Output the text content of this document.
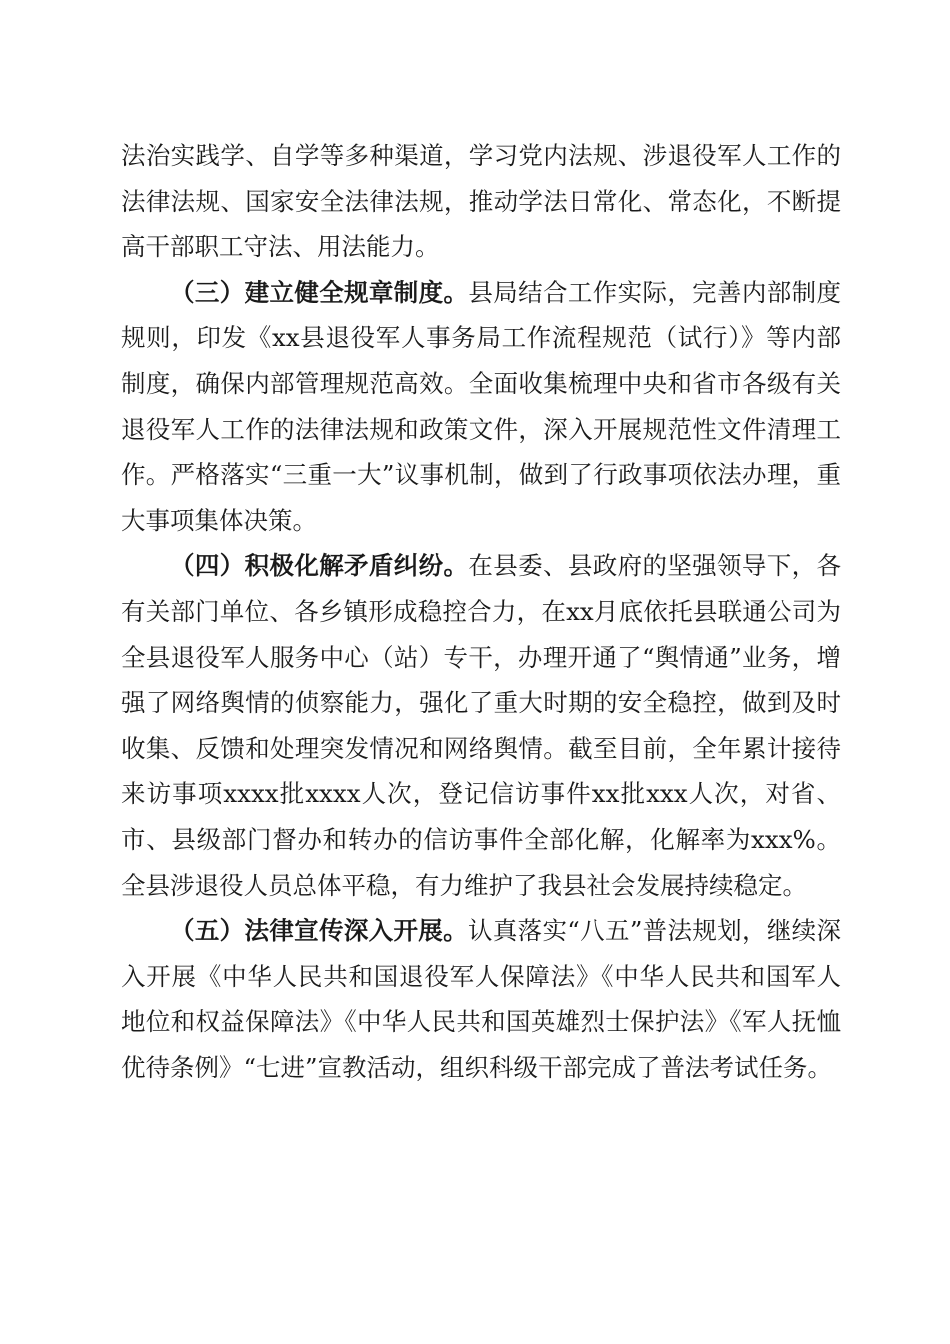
法治实践学、自学等多种渠道，学习党内法规、涉退役军人工作的法律法规、国家安全法律法规，推动学法日常化、常态化，不断提高干部职工守法、用法能力。

（三）建立健全规章制度。县局结合工作实际，完善内部制度规则，印发《xx县退役军人事务局工作流程规范（试行）》等内部制度，确保内部管理规范高效。全面收集梳理中央和省市各级有关退役军人工作的法律法规和政策文件，深入开展规范性文件清理工作。严格落实“三重一大”议事机制，做到了行政事项依法办理，重大事项集体决策。

（四）积极化解矛盾纠纷。在县委、县政府的坚强领导下，各有关部门单位、各乡镇形成稳控合力，在xx月底依托县联通公司为全县退役军人服务中心（站）专干，办理开通了“舆情通”业务，增强了网络舆情的侦察能力，强化了重大时期的安全稳控，做到及时收集、反馈和处理突发情况和网络舆情。截至目前，全年累计接待来访事项xxxx批xxxx人次，登记信访事件xx批xxx人次，对省、市、县级部门督办和转办的信访事件全部化解，化解率为xxx%。全县涉退役人员总体平稳，有力维护了我县社会发展持续稳定。

（五）法律宣传深入开展。认真落实“八五”普法规划，继续深入开展《中华人民共和国退役军人保障法》《中华人民共和国军人地位和权益保障法》《中华人民共和国英雄烈士保护法》《军人抚恤优待条例》“七进”宣教活动，组织科级干部完成了普法考试任务。
